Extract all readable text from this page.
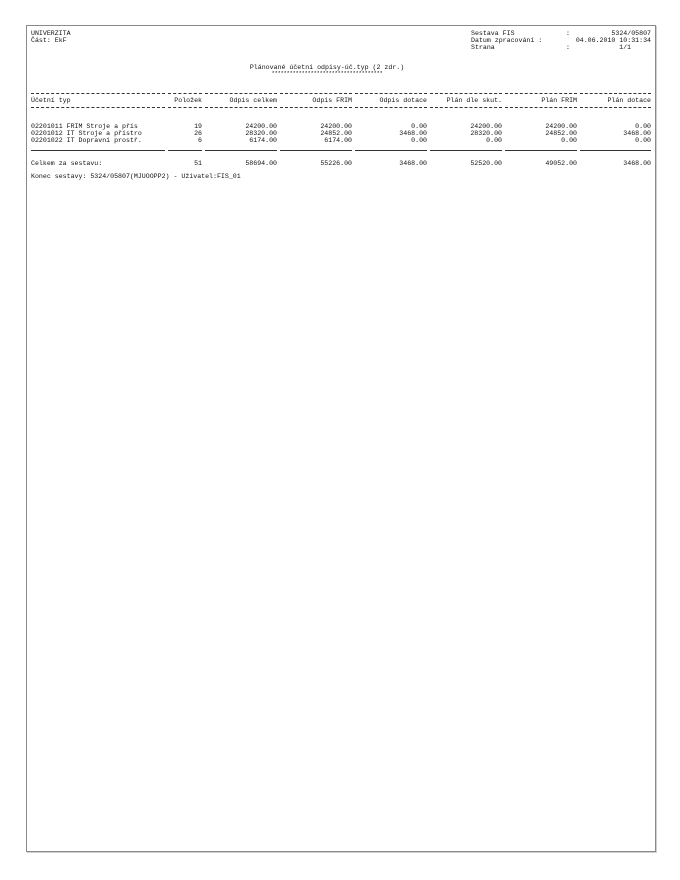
UNIVERZITA
Část: EkF
Sestava FIS	:	5324/05807
Datum zpracování :	04.06.2010 10:31:34
Strana	:	1/1
Plánované účetní odpisy-úč.typ (2 zdr.)
*************************************
Účetní typ	Položek	Odpis celkem	Odpis FRIM	Odpis dotace	Plán dle skut.	Plán FRIM	Plán dotace
02201011 FRIM Stroje a přís	19	24200.00	24200.00	0.00	24200.00	24200.00	0.00
02201012 IT Stroje a přístro	26	28320.00	24852.00	3468.00	28320.00	24852.00	3468.00
02201022 IT Dopravní prostř.	6	6174.00	6174.00	0.00	0.00	0.00	0.00
Celkem za sestavu:	51	58694.00	55226.00	3468.00	52520.00	49052.00	3468.00
Konec sestavy: 5324/05807(MJUOOPP2) - Uživatel:FIS_01
